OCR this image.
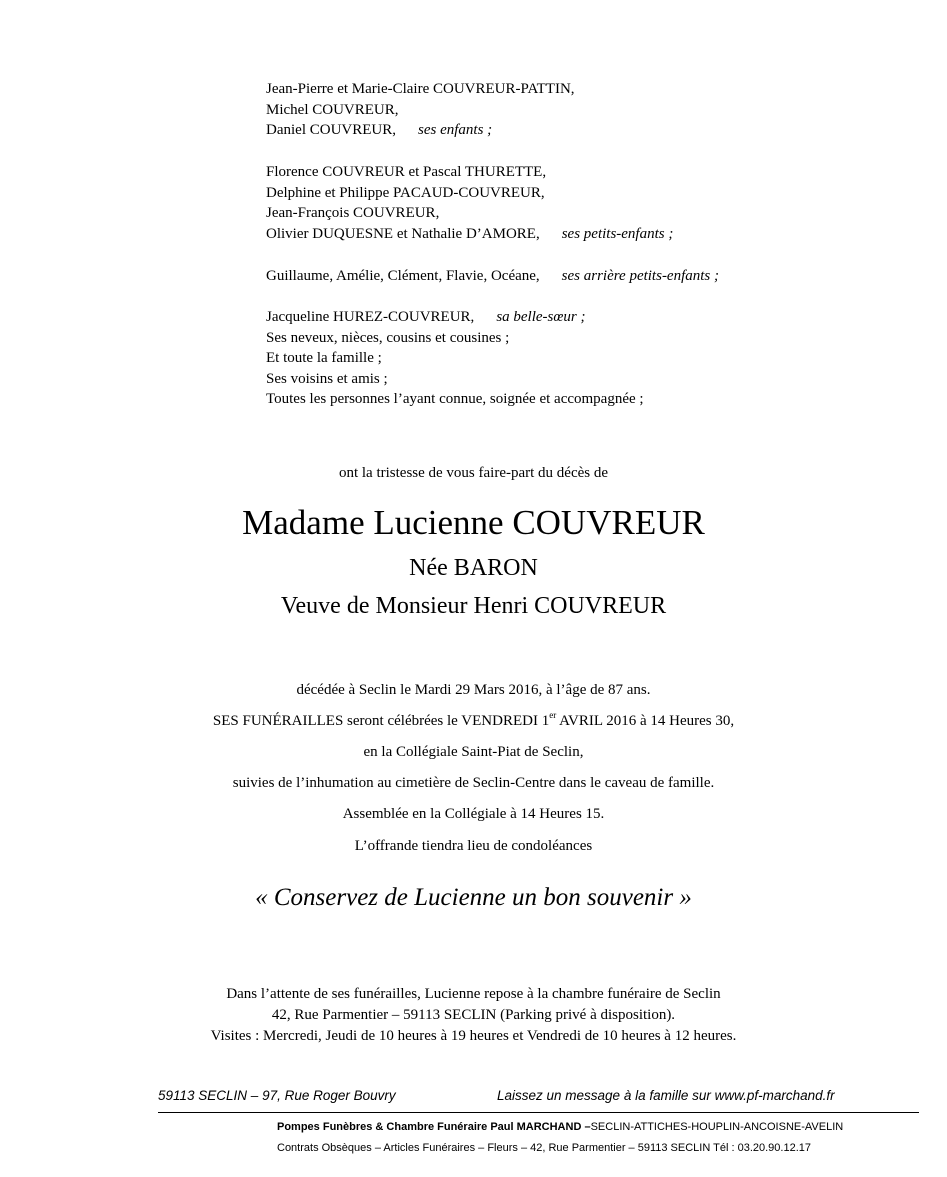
Jean-Pierre et Marie-Claire COUVREUR-PATTIN,
Michel COUVREUR,
Daniel COUVREUR, ses enfants ;
Florence COUVREUR et Pascal THURETTE,
Delphine et Philippe PACAUD-COUVREUR,
Jean-François COUVREUR,
Olivier DUQUESNE et Nathalie D’AMORE, ses petits-enfants ;
Guillaume, Amélie, Clément, Flavie, Océane, ses arrière petits-enfants ;
Jacqueline HUREZ-COUVREUR, sa belle-sœur ;
Ses neveux, nièces, cousins et cousines ;
Et toute la famille ;
Ses voisins et amis ;
Toutes les personnes l’ayant connue, soignée et accompagnée ;
ont la tristesse de vous faire-part du décès de
Madame Lucienne COUVREUR
Née BARON
Veuve de Monsieur Henri COUVREUR
décédée à Seclin le Mardi 29 Mars 2016, à l’âge de 87 ans.
SES FUNÉRAILLES seront célébrées le VENDREDI 1er AVRIL 2016 à 14 Heures 30,
en la Collégiale Saint-Piat de Seclin,
suivies de l’inhumation au cimetière de Seclin-Centre dans le caveau de famille.
Assemblée en la Collégiale à 14 Heures 15.
L’offrande tiendra lieu de condoléances
« Conservez de Lucienne un bon souvenir »
Dans l’attente de ses funérailles, Lucienne repose à la chambre funéraire de Seclin
42, Rue Parmentier – 59113 SECLIN (Parking privé à disposition).
Visites : Mercredi, Jeudi de 10 heures à 19 heures et Vendredi de 10 heures à 12 heures.
59113 SECLIN – 97, Rue Roger Bouvry	Laissez un message à la famille sur www.pf-marchand.fr
Pompes Funèbres & Chambre Funéraire Paul MARCHAND –SECLIN-ATTICHES-HOUPLIN-ANCOISNE-AVELIN
Contrats Obsèques – Articles Funéraires – Fleurs – 42, Rue Parmentier – 59113 SECLIN Tél : 03.20.90.12.17
